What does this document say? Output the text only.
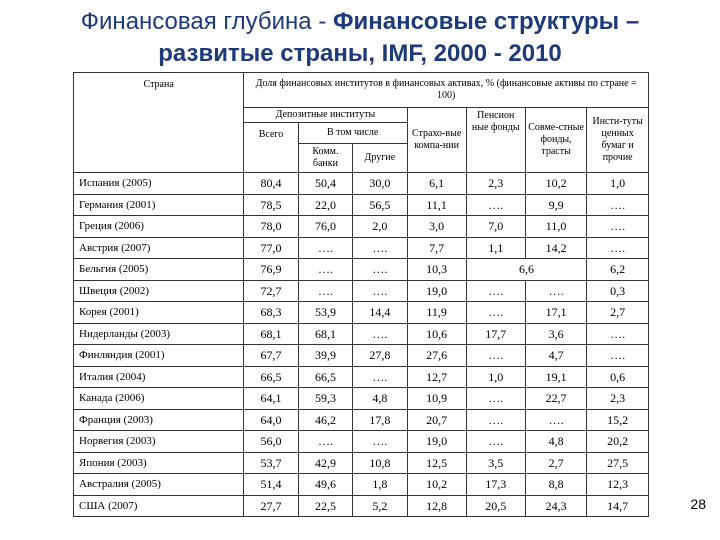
Финансовая глубина - Финансовые структуры –
развитые страны, IMF, 2000 - 2010
Страна	Доля финансовых институтов в финансовых активах, % (финансовые активы по стране = 100)						
	Депозитные институты			Страхо-вые компа-нии	Пенсион ные фонды	Совме-стные фонды, трасты	Инсти-туты ценных бумаг и прочие
	Всего	В том числе					
		Комм. банки	Другие				
Испания (2005)	80,4	50,4	30,0	6,1	2,3	10,2	1,0
Германия (2001)	78,5	22,0	56,5	11,1	….	9,9	….
Греция (2006)	78,0	76,0	2,0	3,0	7,0	11,0	….
Австрия (2007)	77,0	….	….	7,7	1,1	14,2	….
Бельгия (2005)	76,9	….	….	10,3	6,6		6,2
Швеция (2002)	72,7	….	….	19,0	….	….	0,3
Корея (2001)	68,3	53,9	14,4	11,9	….	17,1	2,7
Нидерланды (2003)	68,1	68,1	….	10,6	17,7	3,6	….
Финляндия (2001)	67,7	39,9	27,8	27,6	….	4,7	….
Италия (2004)	66,5	66,5	….	12,7	1,0	19,1	0,6
Канада (2006)	64,1	59,3	4,8	10,9	….	22,7	2,3
Франция (2003)	64,0	46,2	17,8	20,7	….	….	15,2
Норвегия (2003)	56,0	….	….	19,0	….	4,8	20,2
Япония (2003)	53,7	42,9	10,8	12,5	3,5	2,7	27,5
Австралия (2005)	51,4	49,6	1,8	10,2	17,3	8,8	12,3
США (2007)	27,7	22,5	5,2	12,8	20,5	24,3	14,7	28
